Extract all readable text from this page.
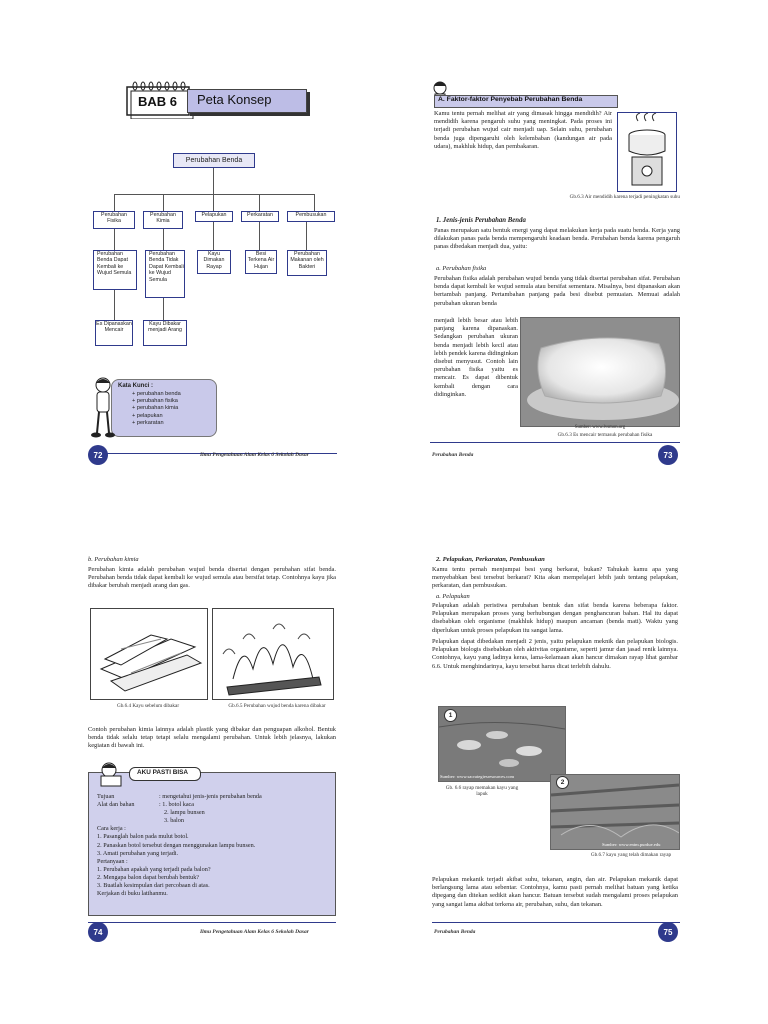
BAB 6 Peta Konsep
Perubahan Benda
Perubahan Fisika
Perubahan Kimia
Pelapukan	Perkaratan	Pembusukan
Perubahan Benda Dapat Kembali ke Wujud Semula
Perubahan Benda Tidak Dapat Kembali ke Wujud Semula
Kayu Dimakan Rayap
Besi Terkena Air Hujan
Perubahan Makanan oleh Bakteri
Es Dipanaskan Mencair
Kayu Dibakar menjadi Arang
Kata Kunci :
+ perubahan benda
+ perubahan fisika
+ perubahan kimia
+ pelapukan
+ perkaratan
72	Ilmu Pengetahuan Alam Kelas 6 Sekolah Dasar
A. Faktor-faktor Penyebab Perubahan Benda

Kamu tentu pernah melihat air yang dimasak hingga mendidih? Air mendidih karena pengaruh suhu yang meningkat. Pada proses ini terjadi perubahan wujud cair menjadi uap. Selain suhu, perubahan benda juga dipengaruhi oleh kelembaban (kandungan air pada udara), makhluk hidup, dan pembakaran.

Gb.6.3 Air mendidih karena terjadi peningkatan suhu
1. Jenis-jenis Perubahan Benda

Panas merupakan satu bentuk energi yang dapat melakukan kerja pada suatu benda. Kerja yang dilakukan panas pada benda mempengaruhi keadaan benda. Perubahan benda karena pengaruh panas dibedakan menjadi dua, yaitu:

a. Perubahan fisika

Perubahan fisika adalah perubahan wujud benda yang tidak disertai perubahan sifat. Perubahan benda dapat kembali ke wujud semula atau bersifat sementara. Misalnya, besi dipanaskan akan bertambah panjang. Pertambahan panjang pada besi disebut pemuaian. Memuai adalah perubahan ukuran benda

menjadi lebih besar atau lebih panjang karena dipanaskan. Sedangkan perubahan ukuran benda menjadi lebih kecil atau lebih pendek karena didinginkan disebut menyusut. Contoh lain perubahan fisika yaitu es mencair. Es dapat dibentuk kembali dengan cara didinginkan.

Sumber: www.lvsmon.org
Gb.6.3 Es mencair termasuk perubahan fisika
Perubahan Benda	73
b. Perubahan kimia

Perubahan kimia adalah perubahan wujud benda disertai dengan perubahan sifat benda. Perubahan benda tidak dapat kembali ke wujud semula atau bersifat tetap. Contohnya kayu jika dibakar berubah menjadi arang dan gas.

Gb.6.4 Kayu sebelum dibakar	Gb.6.5 Perubahan wujud benda karena dibakar

Contoh perubahan kimia lainnya adalah plastik yang dibakar dan penguapan alkohol. Bentuk benda tidak selalu tetap tetapi selalu mengalami perubahan. Untuk lebih jelasnya, lakukan kegiatan di bawah ini.

AKU PASTI BISA
Tujuan	: mengetahui jenis-jenis perubahan benda
Alat dan bahan	: 1. botol kaca
2. lampu bunsen
3. balon
Cara kerja :
1. Pasanglah balon pada mulut botol.
2. Panaskan botol tersebut dengan menggunakan lampu bunsen.
3. Amati perubahan yang terjadi.
Pertanyaan :
1. Perubahan apakah yang terjadi pada balon?
2. Mengapa balon dapat berubah bentuk?
3. Buatlah kesimpulan dari percobaan di atas.
Kerjakan di buku latihanmu.
74	Ilmu Pengetahuan Alam Kelas 6 Sekolah Dasar
2. Pelapukan, Perkaratan, Pembusukan

Kamu tentu pernah menjumpai besi yang berkarat, bukan? Tahukah kamu apa yang menyebabkan besi tersebut berkarat? Kita akan mempelajari lebih jauh tentang pelapukan, perkaratan, dan pembusukan.

a. Pelapukan

Pelapukan adalah peristiwa perubahan bentuk dan sifat benda karena beberapa faktor. Pelapukan merupakan proses yang berhubungan dengan penghancuran bahan. Hal itu dapat disebabkan oleh organisme (makhluk hidup) maupun ancaman (benda mati). Waktu yang diperlukan untuk proses pelapukan itu sangat lama.

Pelapukan dapat dibedakan menjadi 2 jenis, yaitu pelapukan meknik dan pelapukan biologis. Pelapukan biologis disebabkan oleh aktivitas organisme, seperti jamur dan jasad renik lainnya. Contohnya, kayu yang ladinya keras, lama-kelamaan akan hancur dimakan rayap lihat gambar 6.6. Untuk menghindarinya, kayu tersebut harus dicat terlebih dahulu.

1
Sumber: www.sacrategiesresources.com
Gb. 6.6 rayap memakan kayu yang lapuk
2
Sumber: www.entm.purdue.edu
Gb.6.7 kayu yang telah dimakan rayap

Pelapukan mekanik terjadi akibat suhu, tekanan, angin, dan air. Pelapukan mekanik dapat berlangsung lama atau sebentar. Contohnya, kamu pasti pernah melihat batuan yang ketika dipegang dan ditekan sedikit akan hancur. Batuan tersebut sudah mengalami proses pelapukan yang sangat lama akibat terkena air, perubahan, suhu, dan tekanan.

Perubahan Benda	75
